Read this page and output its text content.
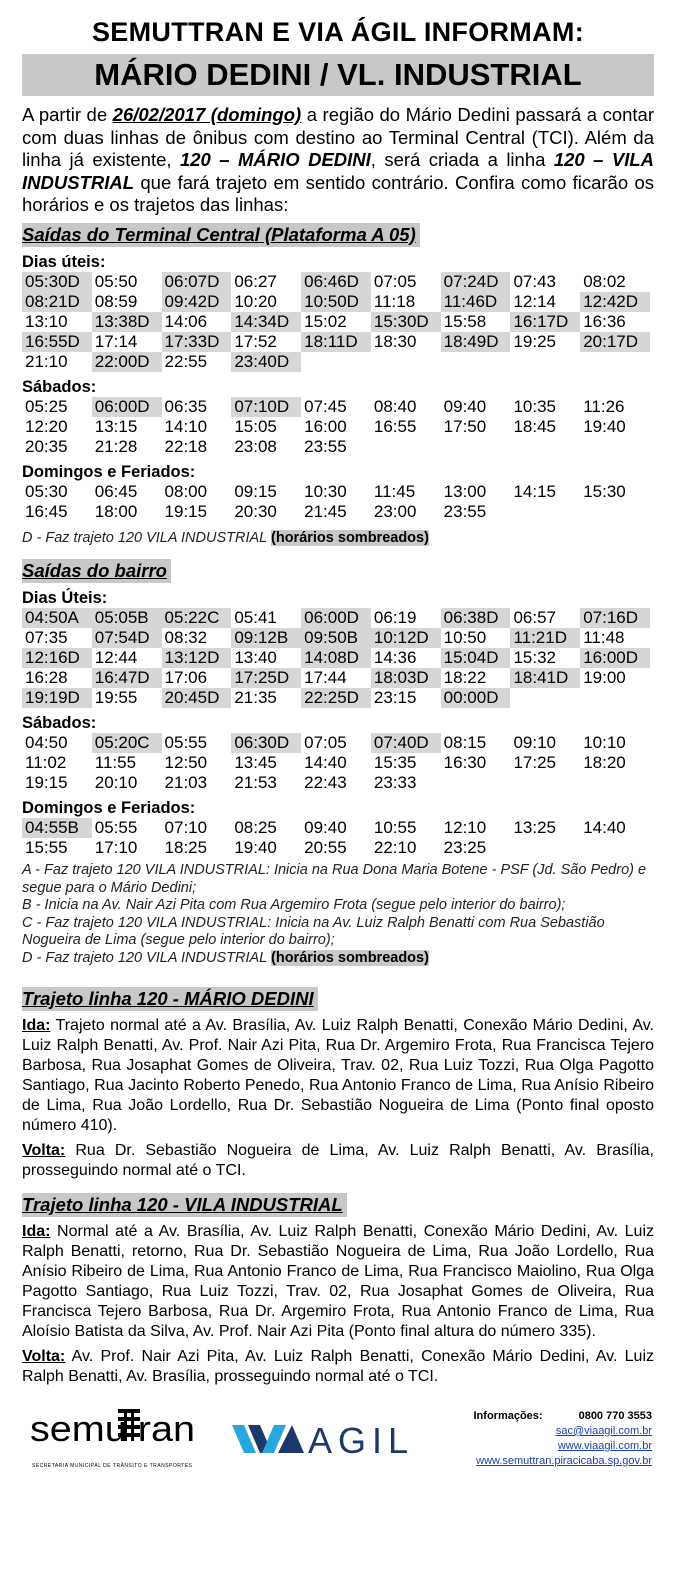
SEMUTTRAN E VIA ÁGIL INFORMAM:
MÁRIO DEDINI / VL. INDUSTRIAL

A partir de 26/02/2017 (domingo) a região do Mário Dedini passará a contar com duas linhas de ônibus com destino ao Terminal Central (TCI). Além da linha já existente, 120 – MÁRIO DEDINI, será criada a linha 120 – VILA INDUSTRIAL que fará trajeto em sentido contrário. Confira como ficarão os horários e os trajetos das linhas:

Saídas do Terminal Central (Plataforma A 05)
Dias úteis:
05:30D 05:50	06:07D 06:27	06:46D 07:05	07:24D 07:43	08:02
08:21D 08:59	09:42D 10:20	10:50D 11:18	11:46D 12:14	12:42D
13:10	13:38D 14:06	14:34D 15:02	15:30D 15:58	16:17D 16:36
16:55D 17:14	17:33D 17:52	18:11D 18:30	18:49D 19:25	20:17D
21:10	22:00D 22:55	23:40D
Sábados:
05:25	06:00D 06:35	07:10D 07:45	08:40	09:40	10:35	11:26
12:20	13:15	14:10	15:05	16:00	16:55	17:50	18:45	19:40
20:35	21:28	22:18	23:08	23:55
Domingos e Feriados:
05:30	06:45	08:00	09:15	10:30	11:45	13:00	14:15	15:30
16:45	18:00	19:15	20:30	21:45	23:00	23:55
D - Faz trajeto 120 VILA INDUSTRIAL (horários sombreados)
Saídas do bairro
Dias Úteis:
04:50A 05:05B 05:22C 05:41	06:00D 06:19	06:38D 06:57	07:16D
07:35	07:54D 08:32	09:12B 09:50B 10:12D 10:50	11:21D 11:48
12:16D 12:44	13:12D 13:40	14:08D 14:36	15:04D 15:32	16:00D
16:28	16:47D 17:06	17:25D 17:44	18:03D 18:22	18:41D 19:00
19:19D 19:55	20:45D 21:35	22:25D 23:15	00:00D
Sábados:
04:50	05:20C 05:55	06:30D 07:05	07:40D 08:15	09:10	10:10
11:02	11:55	12:50	13:45	14:40	15:35	16:30	17:25	18:20
19:15	20:10	21:03	21:53	22:43	23:33
Domingos e Feriados:
04:55B 05:55	07:10	08:25	09:40	10:55	12:10	13:25	14:40
15:55	17:10	18:25	19:40	20:55	22:10	23:25
A - Faz trajeto 120 VILA INDUSTRIAL: Inicia na Rua Dona Maria Botene - PSF (Jd. São Pedro) e segue para o Mário Dedini;
B - Inicia na Av. Nair Azi Pita com Rua Argemiro Frota (segue pelo interior do bairro);
C - Faz trajeto 120 VILA INDUSTRIAL: Inicia na Av. Luiz Ralph Benatti com Rua Sebastião Nogueira de Lima (segue pelo interior do bairro);
D - Faz trajeto 120 VILA INDUSTRIAL (horários sombreados)
Trajeto linha 120 - MÁRIO DEDINI

Ida: Trajeto normal até a Av. Brasília, Av. Luiz Ralph Benatti, Conexão Mário Dedini, Av. Luiz Ralph Benatti, Av. Prof. Nair Azi Pita, Rua Dr. Argemiro Frota, Rua Francisca Tejero Barbosa, Rua Josaphat Gomes de Oliveira, Trav. 02, Rua Luiz Tozzi, Rua Olga Pagotto Santiago, Rua Jacinto Roberto Penedo, Rua Antonio Franco de Lima, Rua Anísio Ribeiro de Lima, Rua João Lordello, Rua Dr. Sebastião Nogueira de Lima (Ponto final oposto número 410).

Volta: Rua Dr. Sebastião Nogueira de Lima, Av. Luiz Ralph Benatti, Av. Brasília, prosseguindo normal até o TCI.

Trajeto linha 120 - VILA INDUSTRIAL

Ida: Normal até a Av. Brasília, Av. Luiz Ralph Benatti, Conexão Mário Dedini, Av. Luiz Ralph Benatti, retorno, Rua Dr. Sebastião Nogueira de Lima, Rua João Lordello, Rua Anísio Ribeiro de Lima, Rua Antonio Franco de Lima, Rua Francisco Maiolino, Rua Olga Pagotto Santiago, Rua Luiz Tozzi, Trav. 02, Rua Josaphat Gomes de Oliveira, Rua Francisca Tejero Barbosa, Rua Dr. Argemiro Frota, Rua Antonio Franco de Lima, Rua Aloísio Batista da Silva, Av. Prof. Nair Azi Pita (Ponto final altura do número 335).

Volta: Av. Prof. Nair Azi Pita, Av. Luiz Ralph Benatti, Conexão Mário Dedini, Av. Luiz Ralph Benatti, Av. Brasília, prosseguindo normal até o TCI.

semu ran
SECRETARIA MUNICIPAL DE TRÂNSITO E TRANSPORTES
AGIL
Informações:	0800 770 3553
sac@viaagil.com.br
www.viaagil.com.br
www.semuttran.piracicaba.sp.gov.br
